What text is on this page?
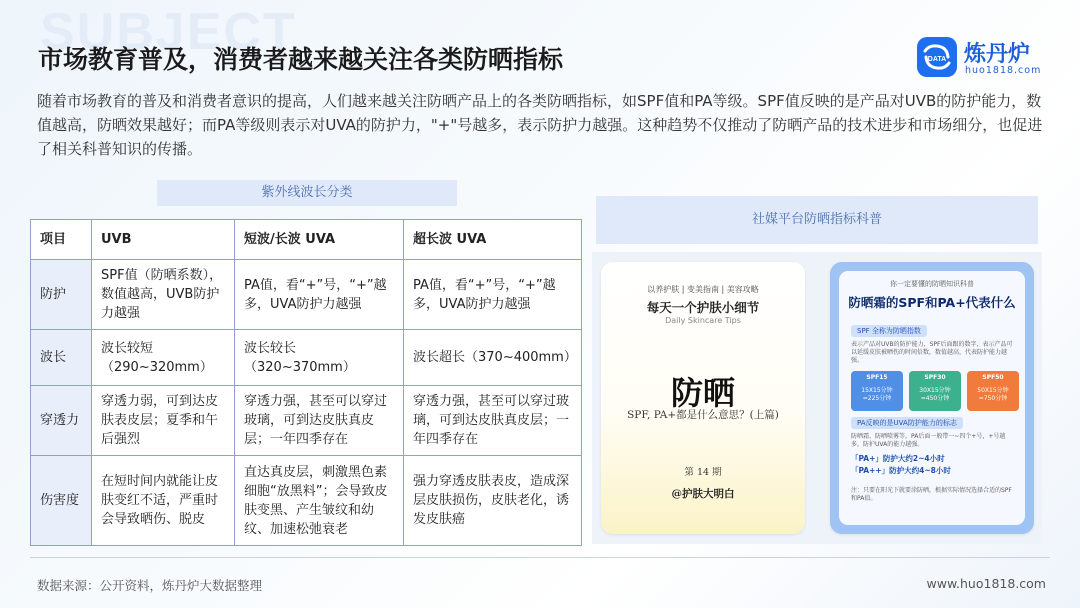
SUBJECT
市场教育普及，消费者越来越关注各类防晒指标	DATA 炼丹炉
huo1818.com
随着市场教育的普及和消费者意识的提高，人们越来越关注防晒产品上的各类防晒指标，如SPF值和PA等级。SPF值反映的是产品对UVB的防护能力，数值越高，防晒效果越好；而PA等级则表示对UVA的防护力，"+"号越多，表示防护力越强。这种趋势不仅推动了防晒产品的技术进步和市场细分，也促进了相关科普知识的传播。
紫外线波长分类
项目	UVB	短波/长波 UVA	超长波 UVA
防护	SPF值（防晒系数），数值越高，UVB防护力越强	PA值，看“+”号，“+”越多，UVA防护力越强	PA值，看“+”号，“+”越多，UVA防护力越强
波长	波长较短（290~320mm）	波长较长（320~370mm）	波长超长（370~400mm）
穿透力	穿透力弱，可到达皮肤表皮层；夏季和午后强烈	穿透力强，甚至可以穿过玻璃，可到达皮肤真皮层；一年四季存在	穿透力强，甚至可以穿过玻璃，可到达皮肤真皮层；一年四季存在
伤害度	在短时间内就能让皮肤变红不适，严重时会导致晒伤、脱皮	直达真皮层，刺激黑色素细胞“放黑料”；会导致皮肤变黑、产生皱纹和幼纹、加速松弛衰老	强力穿透皮肤表皮，造成深层皮肤损伤，皮肤老化，诱发皮肤癌
社媒平台防晒指标科普
以养护肤 | 变美指南 | 美容攻略
每天一个护肤小细节
Daily Skincare Tips
防晒
SPF, PA+都是什么意思？(上篇)
第 14 期
@护肤大明白
你一定要懂的防晒知识科普
防晒霜的SPF和PA+代表什么
SPF 全称为防晒指数
表示产品对UVB的防护能力，SPF后面跟的数字，表示产品可以延缓皮肤被晒伤的时间倍数，数值越高，代表防护能力越强。
SPF15
15X15分钟
=225分钟
SPF30
30X15分钟
=450分钟
SPF50
50X15分钟
=750分钟
PA反映的是UVA防护能力的标志
防晒霜、防晒喷雾等，PA后面一般带一~四个+号，+号越多，防护UVA的能力越强。
「PA+」防护大约2~4小时
「PA++」防护大约4~8小时
注：只要在阳光下就要涂防晒，根据实际情况选择合适的SPF和PA值。
数据来源：公开资料，炼丹炉大数据整理	www.huo1818.com
